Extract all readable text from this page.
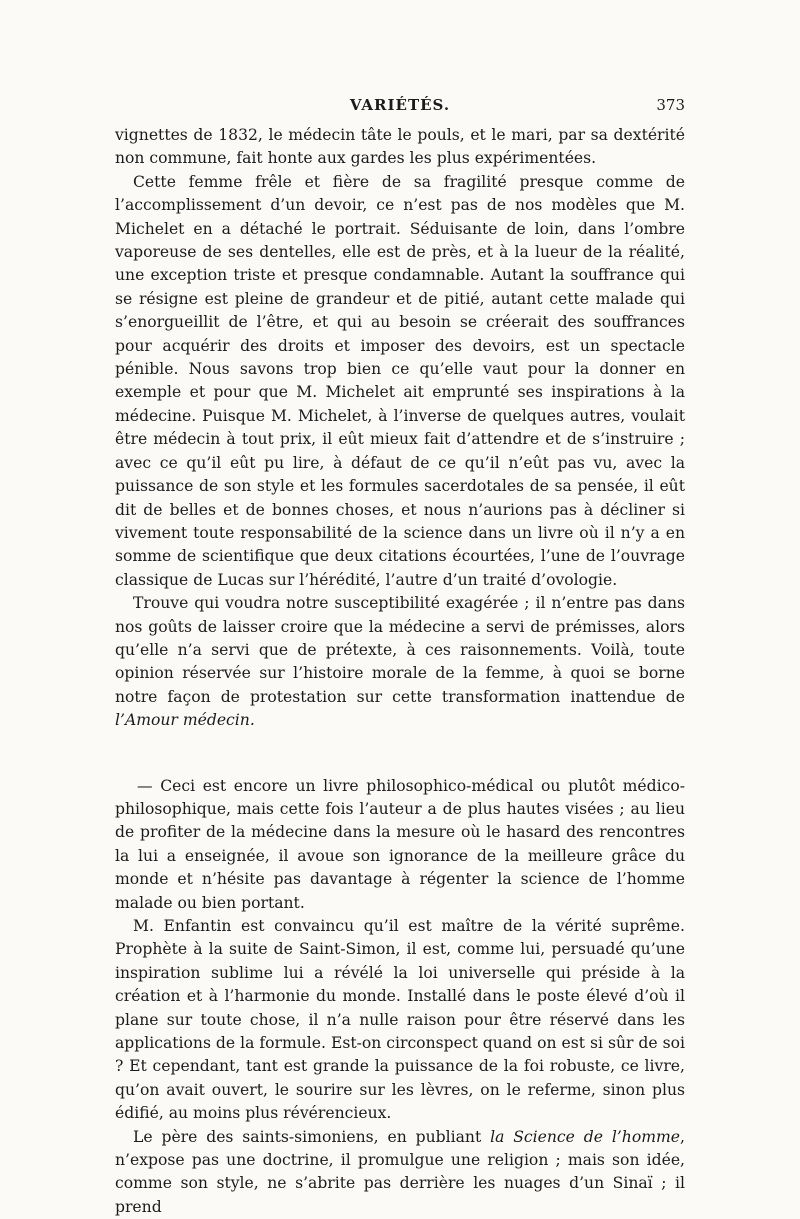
VARIÉTÉS.	373

vignettes de 1832, le médecin tâte le pouls, et le mari, par sa dextérité non commune, fait honte aux gardes les plus expérimentées.

Cette femme frêle et fière de sa fragilité presque comme de l’accomplissement d’un devoir, ce n’est pas de nos modèles que M. Michelet en a détaché le portrait. Séduisante de loin, dans l’ombre vaporeuse de ses dentelles, elle est de près, et à la lueur de la réalité, une exception triste et presque condamnable. Autant la souffrance qui se résigne est pleine de grandeur et de pitié, autant cette malade qui s’enorgueillit de l’être, et qui au besoin se créerait des souffrances pour acquérir des droits et imposer des devoirs, est un spectacle pénible. Nous savons trop bien ce qu’elle vaut pour la donner en exemple et pour que M. Michelet ait emprunté ses inspirations à la médecine. Puisque M. Michelet, à l’inverse de quelques autres, voulait être médecin à tout prix, il eût mieux fait d’attendre et de s’instruire ; avec ce qu’il eût pu lire, à défaut de ce qu’il n’eût pas vu, avec la puissance de son style et les formules sacerdotales de sa pensée, il eût dit de belles et de bonnes choses, et nous n’aurions pas à décliner si vivement toute responsabilité de la science dans un livre où il n’y a en somme de scientifique que deux citations écourtées, l’une de l’ouvrage classique de Lucas sur l’hérédité, l’autre d’un traité d’ovologie.

Trouve qui voudra notre susceptibilité exagérée ; il n’entre pas dans nos goûts de laisser croire que la médecine a servi de prémisses, alors qu’elle n’a servi que de prétexte, à ces raisonnements. Voilà, toute opinion réservée sur l’histoire morale de la femme, à quoi se borne notre façon de protestation sur cette transformation inattendue de l’Amour médecin.

— Ceci est encore un livre philosophico-médical ou plutôt médico-philosophique, mais cette fois l’auteur a de plus hautes visées ; au lieu de profiter de la médecine dans la mesure où le hasard des rencontres la lui a enseignée, il avoue son ignorance de la meilleure grâce du monde et n’hésite pas davantage à régenter la science de l’homme malade ou bien portant.

M. Enfantin est convaincu qu’il est maître de la vérité suprême. Prophète à la suite de Saint-Simon, il est, comme lui, persuadé qu’une inspiration sublime lui a révélé la loi universelle qui préside à la création et à l’harmonie du monde. Installé dans le poste élevé d’où il plane sur toute chose, il n’a nulle raison pour être réservé dans les applications de la formule. Est-on circonspect quand on est si sûr de soi ? Et cependant, tant est grande la puissance de la foi robuste, ce livre, qu’on avait ouvert, le sourire sur les lèvres, on le referme, sinon plus édifié, au moins plus révérencieux.

Le père des saints-simoniens, en publiant la Science de l’homme, n’expose pas une doctrine, il promulgue une religion ; mais son idée, comme son style, ne s’abrite pas derrière les nuages d’un Sinaï ; il prend
